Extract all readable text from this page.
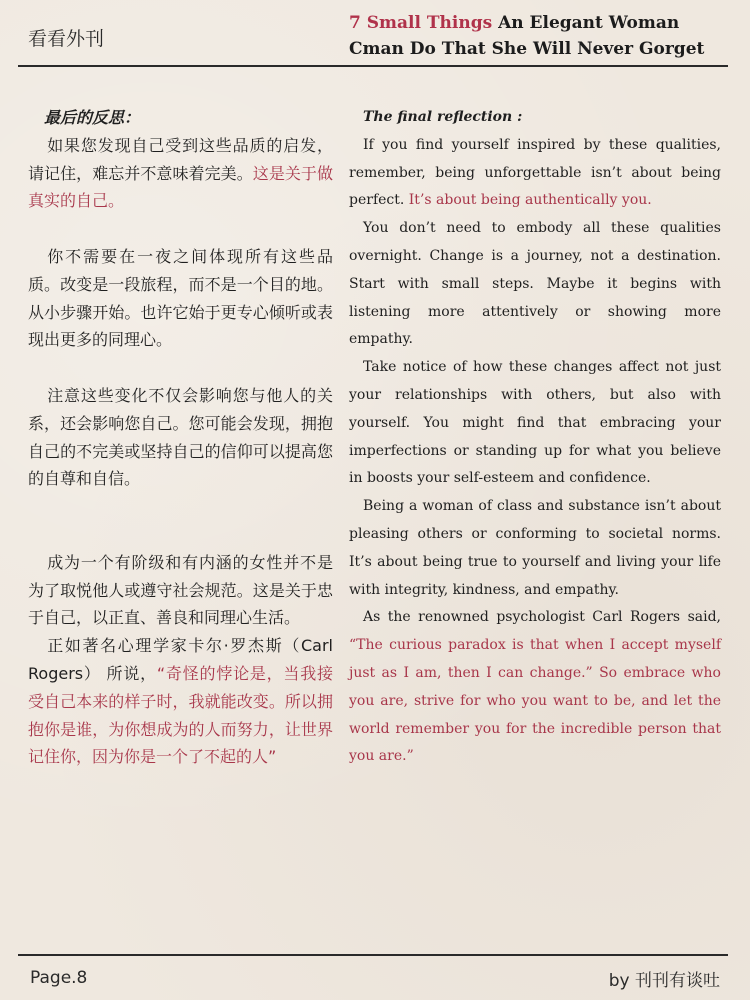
看看外刊
7 Small Things An Elegant Woman Cman Do That She Will Never Gorget

最后的反思：

如果您发现自己受到这些品质的启发，请记住，难忘并不意味着完美。这是关于做真实的自己。

你不需要在一夜之间体现所有这些品质。改变是一段旅程，而不是一个目的地。从小步骤开始。也许它始于更专心倾听或表现出更多的同理心。

注意这些变化不仅会影响您与他人的关系，还会影响您自己。您可能会发现，拥抱自己的不完美或坚持自己的信仰可以提高您的自尊和自信。

成为一个有阶级和有内涵的女性并不是为了取悦他人或遵守社会规范。这是关于忠于自己，以正直、善良和同理心生活。

正如著名心理学家卡尔·罗杰斯（Carl Rogers） 所说，“奇怪的悖论是，当我接受自己本来的样子时，我就能改变。所以拥抱你是谁，为你想成为的人而努力，让世界记住你，因为你是一个了不起的人”

The final reflection :

If you find yourself inspired by these qualities, remember, being unforgettable isn’t about being perfect. It’s about being authentically you.

You don’t need to embody all these qualities overnight. Change is a journey, not a destination. Start with small steps. Maybe it begins with listening more attentively or showing more empathy.

Take notice of how these changes affect not just your relationships with others, but also with yourself. You might find that embracing your imperfections or standing up for what you believe in boosts your self-esteem and confidence.

Being a woman of class and substance isn’t about pleasing others or conforming to societal norms. It’s about being true to yourself and living your life with integrity, kindness, and empathy.

As the renowned psychologist Carl Rogers said, “The curious paradox is that when I accept myself just as I am, then I can change.” So embrace who you are, strive for who you want to be, and let the world remember you for the incredible person that you are.”

Page.8	by 刊刊有谈吐
